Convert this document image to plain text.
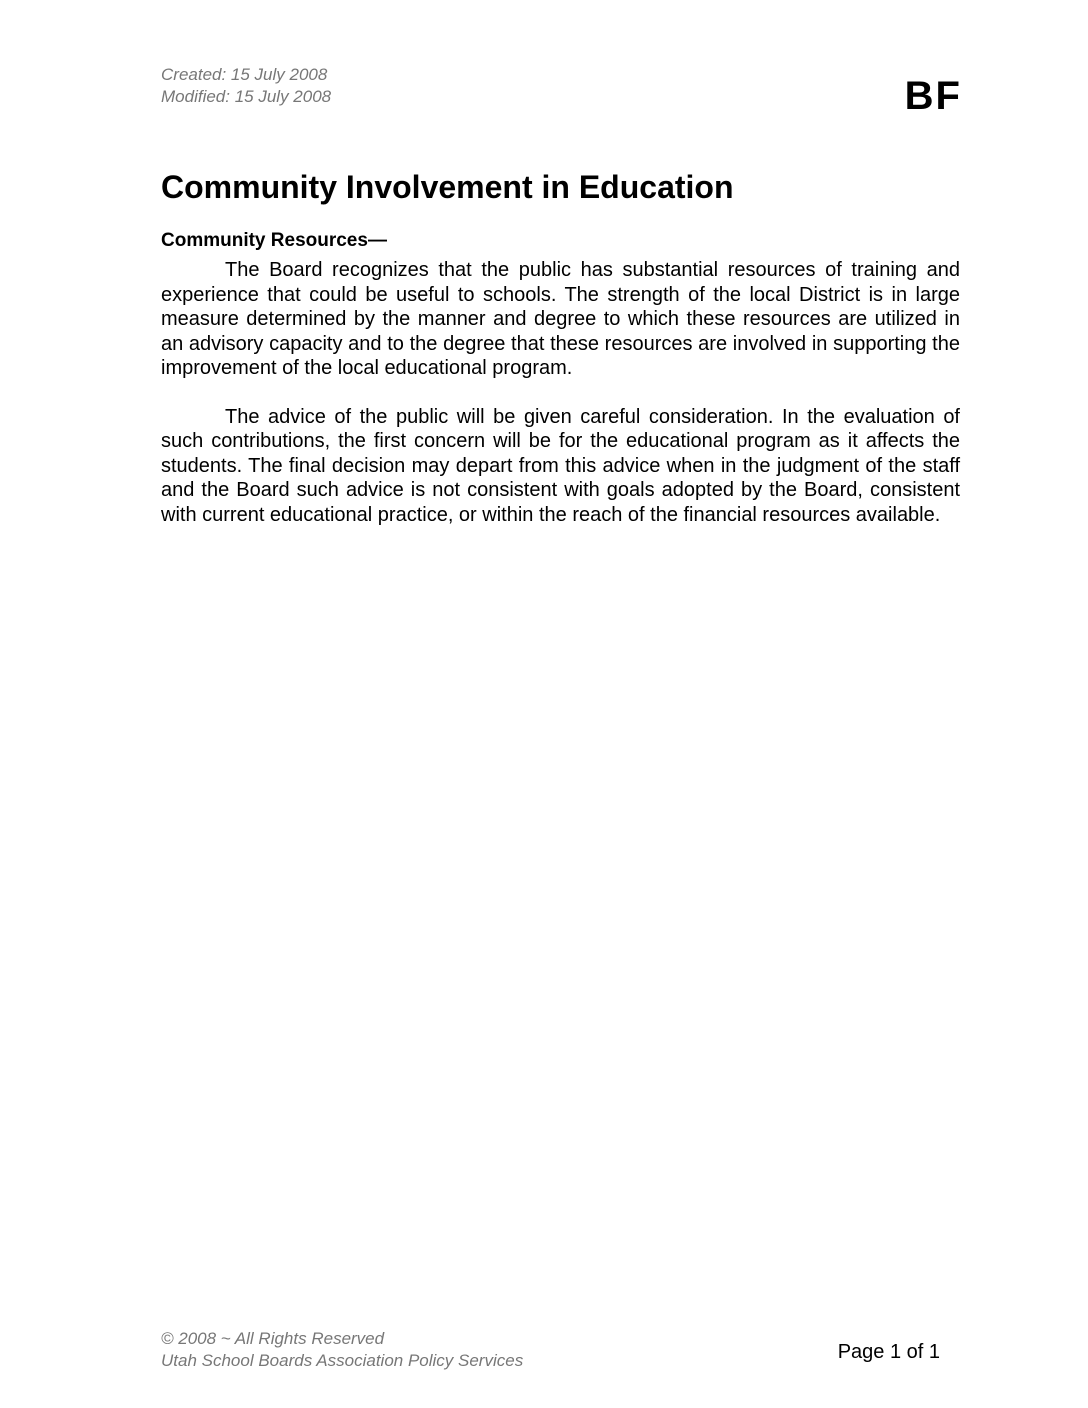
Created: 15 July 2008
Modified: 15 July 2008	BF
Community Involvement in Education
Community Resources—

The Board recognizes that the public has substantial resources of training and experience that could be useful to schools. The strength of the local District is in large measure determined by the manner and degree to which these resources are utilized in an advisory capacity and to the degree that these resources are involved in supporting the improvement of the local educational program.

The advice of the public will be given careful consideration. In the evaluation of such contributions, the first concern will be for the educational program as it affects the students. The final decision may depart from this advice when in the judgment of the staff and the Board such advice is not consistent with goals adopted by the Board, consistent with current educational practice, or within the reach of the financial resources available.

© 2008 ~ All Rights Reserved
Utah School Boards Association Policy Services	Page 1 of 1
